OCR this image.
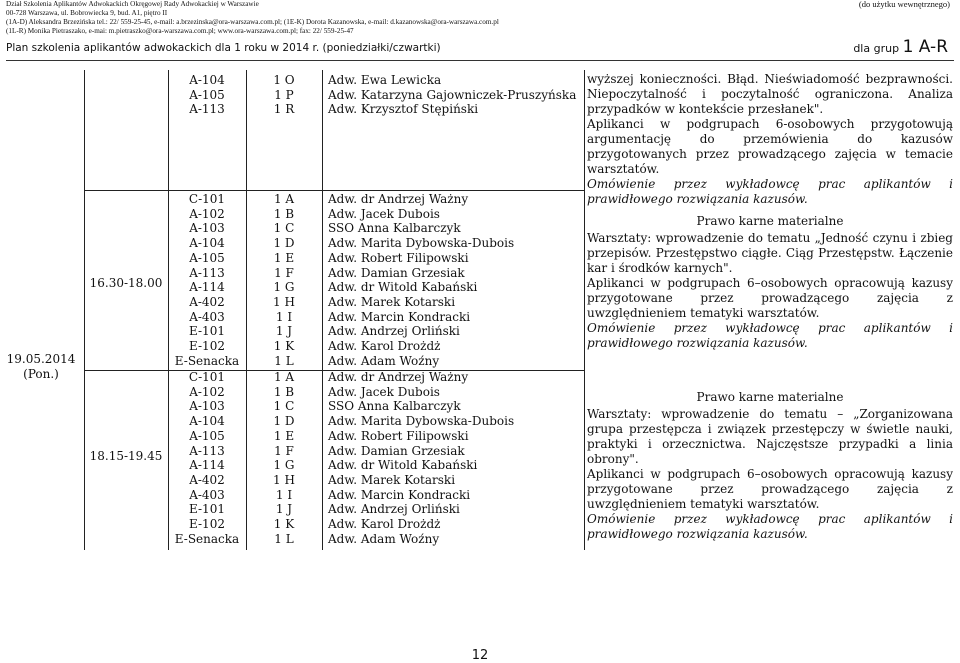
Dział Szkolenia Aplikantów Adwokackich Okręgowej Rady Adwokackiej w Warszawie
00-728 Warszawa, ul. Bobrowiecka 9, bud. A1, piętro II
(1A-D) Aleksandra Brzezińska tel.: 22/ 559-25-45, e-mail: a.brzezinska@ora-warszawa.com.pl; (1E-K) Dorota Kazanowska, e-mail: d.kazanowska@ora-warszawa.com.pl
(1L-R) Monika Pietraszako, e-mai: m.pietraszko@ora-warszawa.com.pl; www.ora-warszawa.com.pl; fax: 22/ 559-25-47
(do użytku wewnętrznego)
Plan szkolenia aplikantów adwokackich dla 1 roku w 2014 r. (poniedziałki/czwartki)	dla grup 1 A-R
19.05.2014
(Pon.)
16.30-18.00
18.15-19.45
A-104
A-105
A-113
1 O
1 P
1 R
Adw. Ewa Lewicka
Adw. Katarzyna Gajowniczek-Pruszyńska
Adw. Krzysztof Stępiński
C-101
A-102
A-103
A-104
A-105
A-113
A-114
A-402
A-403
E-101
E-102
E-Senacka
1 A
1 B
1 C
1 D
1 E
1 F
1 G
1 H
1 I
1 J
1 K
1 L
Adw. dr Andrzej Ważny
Adw. Jacek Dubois
SSO Anna Kalbarczyk
Adw. Marita Dybowska-Dubois
Adw. Robert Filipowski
Adw. Damian Grzesiak
Adw. dr Witold Kabański
Adw. Marek Kotarski
Adw. Marcin Kondracki
Adw. Andrzej Orliński
Adw. Karol Drożdż
Adw. Adam Woźny
C-101
A-102
A-103
A-104
A-105
A-113
A-114
A-402
A-403
E-101
E-102
E-Senacka
1 A
1 B
1 C
1 D
1 E
1 F
1 G
1 H
1 I
1 J
1 K
1 L
Adw. dr Andrzej Ważny
Adw. Jacek Dubois
SSO Anna Kalbarczyk
Adw. Marita Dybowska-Dubois
Adw. Robert Filipowski
Adw. Damian Grzesiak
Adw. dr Witold Kabański
Adw. Marek Kotarski
Adw. Marcin Kondracki
Adw. Andrzej Orliński
Adw. Karol Drożdż
Adw. Adam Woźny

wyższej konieczności. Błąd. Nieświadomość bezprawności. Niepoczytalność i poczytalność ograniczona. Analiza przypadków w kontekście przesłanek".

Aplikanci w podgrupach 6-osobowych przygotowują argumentację do przemówienia do kazusów przygotowanych przez prowadzącego zajęcia w temacie warsztatów.

Omówienie przez wykładowcę prac aplikantów i prawidłowego rozwiązania kazusów.

Prawo karne materialne

Warsztaty: wprowadzenie do tematu „Jedność czynu i zbieg przepisów. Przestępstwo ciągłe. Ciąg Przestępstw. Łączenie kar i środków karnych".

Aplikanci w podgrupach 6–osobowych opracowują kazusy przygotowane przez prowadzącego zajęcia z uwzględnieniem tematyki warsztatów.

Omówienie przez wykładowcę prac aplikantów i prawidłowego rozwiązania kazusów.

Prawo karne materialne

Warsztaty: wprowadzenie do tematu – „Zorganizowana grupa przestępcza i związek przestępczy w świetle nauki, praktyki i orzecznictwa. Najczęstsze przypadki a linia obrony".

Aplikanci w podgrupach 6–osobowych opracowują kazusy przygotowane przez prowadzącego zajęcia z uwzględnieniem tematyki warsztatów.

Omówienie przez wykładowcę prac aplikantów i prawidłowego rozwiązania kazusów.

12
